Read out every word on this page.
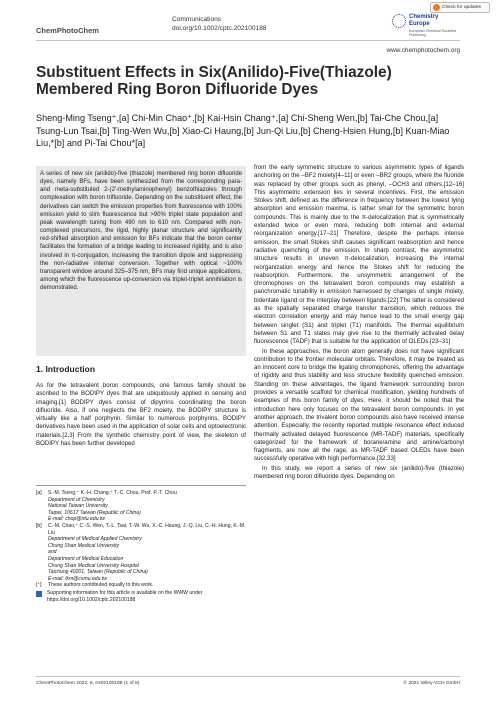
ChemPhotoChem
Communications
doi.org/10.1002/cptc.202100188
Check for updates
Chemistry
Europe
European Chemical Societies Publishing
www.chemphotochem.org
Substituent Effects in Six(Anilido)-Five(Thiazole) Membered Ring Boron Difluoride Dyes
Sheng-Ming Tseng⁺,[a] Chi-Min Chao⁺,[b] Kai-Hsin Chang⁺,[a] Chi-Sheng Wen,[b] Tai-Che Chou,[a] Tsung-Lun Tsai,[b] Ting-Wen Wu,[b] Xiao-Ci Haung,[b] Jun-Qi Liu,[b] Cheng-Hsien Hung,[b] Kuan-Miao Liu,*[b] and Pi-Tai Chou*[a]

A series of new six (anilido)-five (thiazole) membered ring boron difluoride dyes, namely BFs, have been synthesized from the corresponding para- and meta-substituted 2-(2′-methylaminophenyl) benzothiazoles through complexation with boron trifluoride. Depending on the substituent effect, the derivatives can switch the emission properties from fluorescence with 100% emission yield to slim fluorescence but >90% triplet state population and peak wavelength tuning from 490 nm to 610 nm. Compared with non-complexed precursors, the rigid, highly planar structure and significantly red-shifted absorption and emission for BFs indicate that the boron center facilitates the formation of a bridge leading to increased rigidity, and is also involved in π-conjugation, increasing the transition dipole and suppressing the non-radiative internal conversion. Together with optical ~100% transparent window around 325–375 nm, BFs may find unique applications, among which the fluorescence up-conversion via triplet-triplet annihilation is demonstrated.

1. Introduction

As for the tetravalent boron compounds, one famous family should be ascribed to the BODIPY dyes that are ubiquitously applied in sensing and imaging.[1] BODIPY dyes consist of dipyrrins coordinating the boron difluoride. Also, if one neglects the BF2 moiety, the BODIPY structure is virtually like a half porphyrin. Similar to numerous porphyrins, BODIPY derivatives have been used in the application of solar cells and optoelectronic materials.[2,3] From the synthetic chemistry point of view, the skeleton of BODIPY has been further developed

[a]	S.-M. Tseng,⁺ K.-H. Chang,⁺ T.-C. Chou, Prof. P.-T. Chou
Department of Chemistry
National Taiwan University
Taipei, 10617 Taiwan (Republic of China)
E-mail: chop@ntu.edu.tw
[b]	C.-M. Chao,⁺ C.-S. Wen, T.-L. Tsai, T.-W. Wu, X.-C. Haung, J.-Q. Liu, C.-H. Hung, K.-M. Liu
Department of Medical Applied Chemistry
Chung Shan Medical University
and
Department of Medical Education
Chung Shan Medical University Hospital
Taichung 40201, Taiwan (Republic of China)
E-mail: lkm@csmu.edu.tw
[⁺]	These authors contributed equally to this work.
Supporting information for this article is available on the WWW under https://doi.org/10.1002/cptc.202100188

from the early symmetric structure to various asymmetric types of ligands anchoring on the –BF2 moiety[4–11] or even –BR2 groups, where the fluoride was replaced by other groups such as phenyl, –OCH3 and others.[12–16] This asymmetric extension lies in several incentives. First, the emission Stokes shift, defined as the difference in frequency between the lowest lying absorption and emission maxima, is rather small for the symmetric boron compounds. This is mainly due to the π-delocalization that is symmetrically extended twice or even more, reducing both internal and external reorganization energy.[17–21] Therefore, despite the perhaps intense emission, the small Stokes shift causes significant reabsorption and hence radiative quenching of the emission. In sharp contrast, the asymmetric structure results in uneven π-delocalization, increasing the internal reorganization energy and hence the Stokes shift for reducing the reabsorption. Furthermore, the unsymmetric arrangement of the chromophores on the tetravalent boron compounds may establish a panchromatic tunability in emission harnessed by changes of single moiety, bidentate ligand or the interplay between ligands.[22] The latter is considered as the spatially separated charge transfer transition, which reduces the electron correlation energy and may hence lead to the small energy gap between singlet (S1) and triplet (T1) manifolds. The thermal equilibrium between S1 and T1 states may give rise to the thermally activated delay fluorescence (TADF) that is suitable for the application of OLEDs.[23–31]

In these approaches, the boron atom generally does not have significant contribution to the frontier molecular orbitals. Therefore, it may be treated as an innocent core to bridge the ligating chromophores, offering the advantage of rigidity and thus stability and less structure flexibility quenched emission. Standing on these advantages, the ligand framework surrounding boron provides a versatile scaffold for chemical modification, yielding hundreds of examples of this boron family of dyes. Here, it should be noted that the introduction here only focuses on the tetravalent boron compounds. In yet another approach, the trivalent boron compounds also have received intense attention. Especially, the recently reported multiple resonance effect induced thermally activated delayed fluorescence (MR-TADF) materials, specifically categorized for the framework of borane/amine and amine/carbonyl fragments, are now all the rage, as MR-TADF based OLEDs have been successfully operative with high performance.[32,33]

In this study, we report a series of new six (anilido)-five (thiazole) membered ring boron difluoride dyes. Depending on

ChemPhotoChem 2022, 6, e202100188 (1 of 8)	© 2021 Wiley-VCH GmbH
